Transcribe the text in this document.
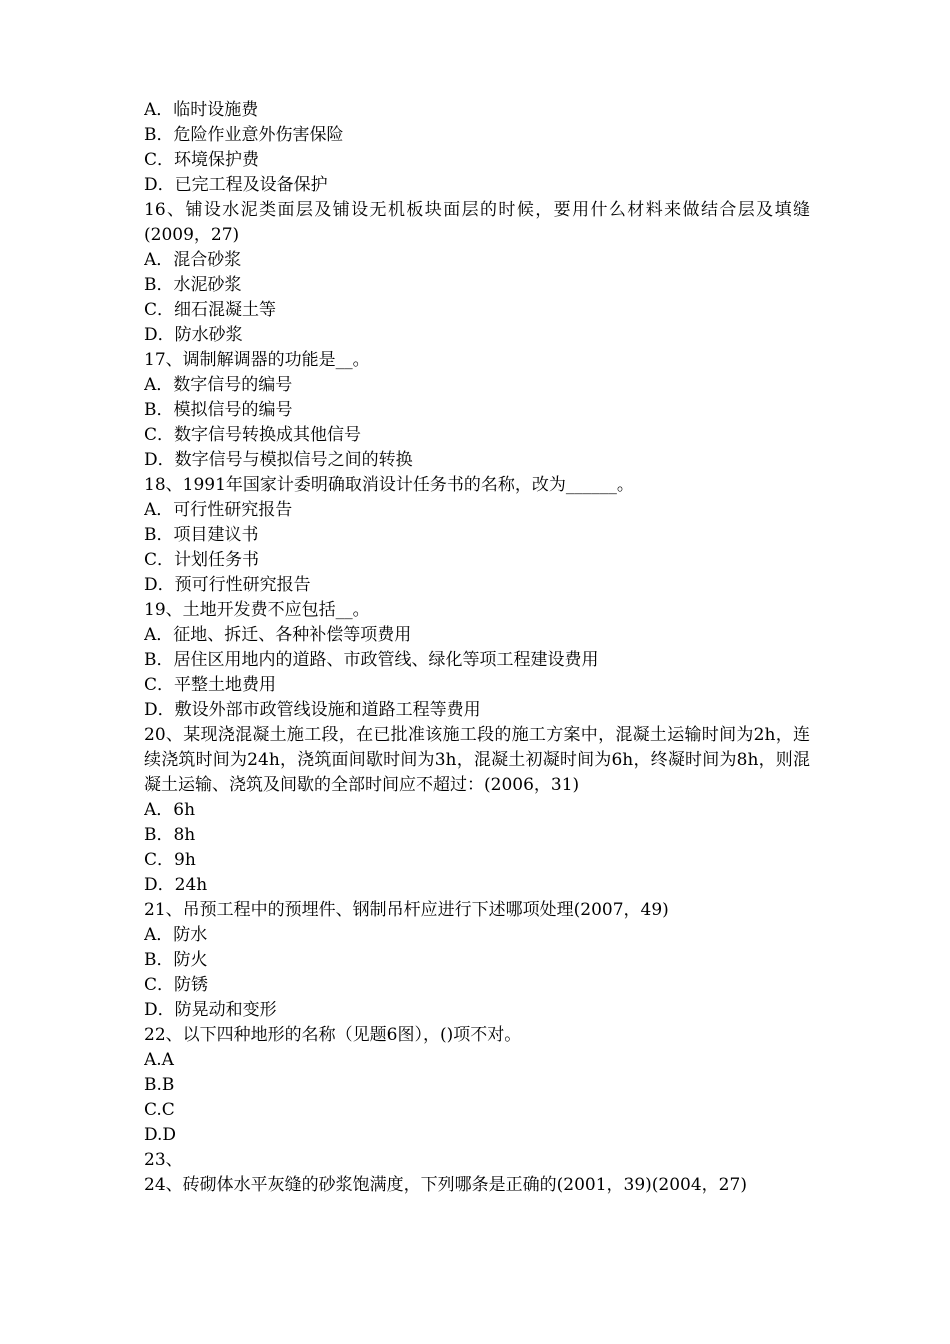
A．临时设施费
B．危险作业意外伤害保险
C．环境保护费
D．已完工程及设备保护
16、铺设水泥类面层及铺设无机板块面层的时候，要用什么材料来做结合层及填缝(2009，27)
A．混合砂浆
B．水泥砂浆
C．细石混凝土等
D．防水砂浆
17、调制解调器的功能是__。
A．数字信号的编号
B．模拟信号的编号
C．数字信号转换成其他信号
D．数字信号与模拟信号之间的转换
18、1991年国家计委明确取消设计任务书的名称，改为______。
A．可行性研究报告
B．项目建议书
C．计划任务书
D．预可行性研究报告
19、土地开发费不应包括__。
A．征地、拆迁、各种补偿等项费用
B．居住区用地内的道路、市政管线、绿化等项工程建设费用
C．平整土地费用
D．敷设外部市政管线设施和道路工程等费用
20、某现浇混凝土施工段，在已批准该施工段的施工方案中，混凝土运输时间为2h，连续浇筑时间为24h，浇筑面间歇时间为3h，混凝土初凝时间为6h，终凝时间为8h，则混凝土运输、浇筑及间歇的全部时间应不超过：(2006，31)
A．6h
B．8h
C．9h
D．24h
21、吊预工程中的预埋件、钢制吊杆应进行下述哪项处理(2007，49)
A．防水
B．防火
C．防锈
D．防晃动和变形
22、以下四种地形的名称（见题6图），()项不对。
A.A
B.B
C.C
D.D
23、
24、砖砌体水平灰缝的砂浆饱满度，下列哪条是正确的(2001，39)(2004，27)
